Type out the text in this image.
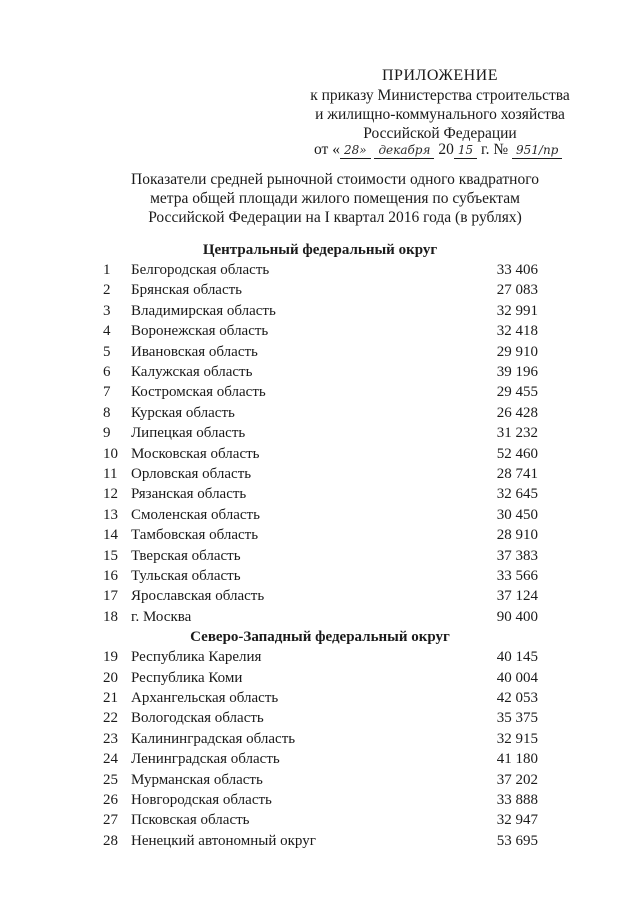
ПРИЛОЖЕНИЕ
к приказу Министерства строительства
и жилищно-коммунального хозяйства
Российской Федерации
от « 28» декабря 20 15 г. № 951/пр
Показатели средней рыночной стоимости одного квадратного
метра общей площади жилого помещения по субъектам
Российской Федерации на I квартал 2016 года (в рублях)
Центральный федеральный округ
1	Белгородская область	33 406
2	Брянская область	27 083
3	Владимирская область	32 991
4	Воронежская область	32 418
5	Ивановская область	29 910
6	Калужская область	39 196
7	Костромская область	29 455
8	Курская область	26 428
9	Липецкая область	31 232
10 Московская область	52 460
11 Орловская область	28 741
12 Рязанская область	32 645
13 Смоленская область	30 450
14 Тамбовская область	28 910
15 Тверская область	37 383
16 Тульская область	33 566
17 Ярославская область	37 124
18 г. Москва	90 400
Северо-Западный федеральный округ
19 Республика Карелия	40 145
20 Республика Коми	40 004
21 Архангельская область	42 053
22 Вологодская область	35 375
23 Калининградская область	32 915
24 Ленинградская область	41 180
25 Мурманская область	37 202
26 Новгородская область	33 888
27 Псковская область	32 947
28 Ненецкий автономный округ	53 695
